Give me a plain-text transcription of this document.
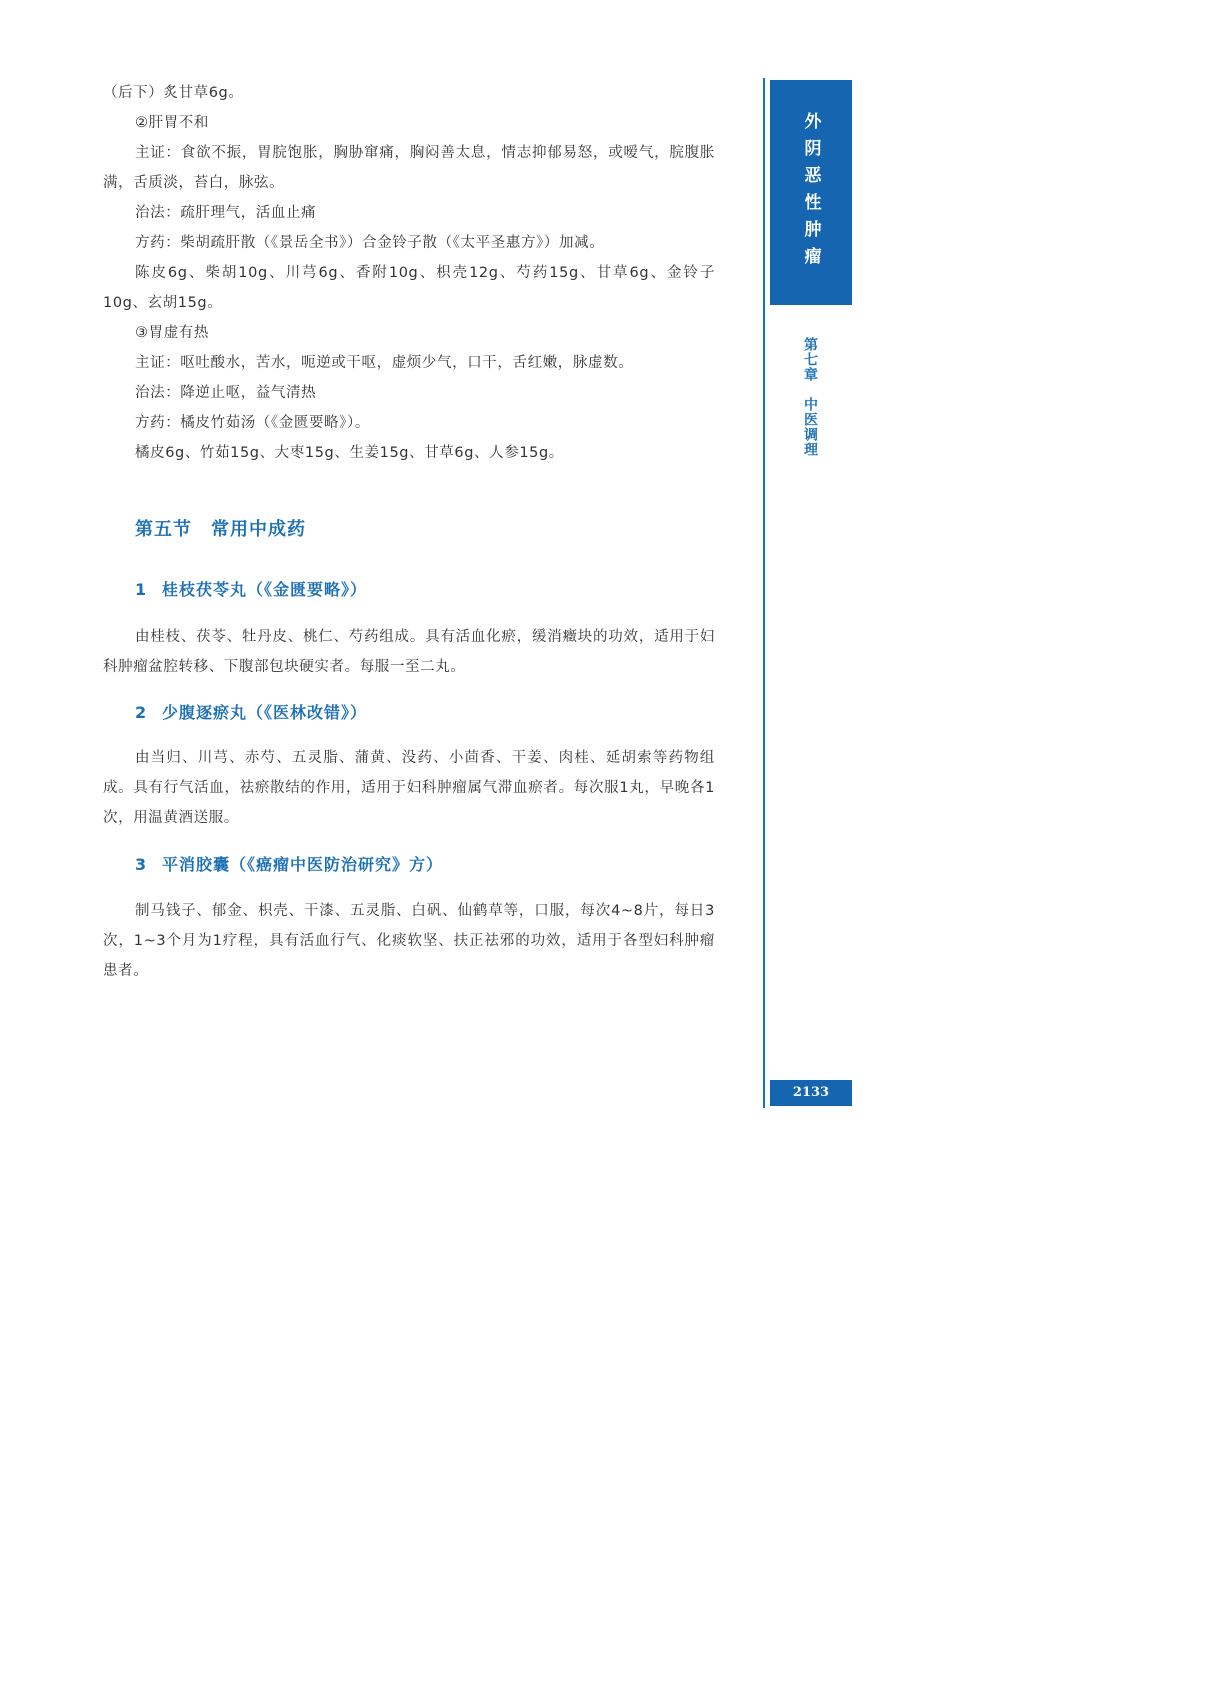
（后下）炙甘草6g。

②肝胃不和

主证：食欲不振，胃脘饱胀，胸胁窜痛，胸闷善太息，情志抑郁易怒，或嗳气，脘腹胀满，舌质淡，苔白，脉弦。

治法：疏肝理气，活血止痛

方药：柴胡疏肝散（《景岳全书》）合金铃子散（《太平圣惠方》）加减。

陈皮6g、柴胡10g、川芎6g、香附10g、枳壳12g、芍药15g、甘草6g、金铃子10g、玄胡15g。

③胃虚有热

主证：呕吐酸水，苦水，呃逆或干呕，虚烦少气，口干，舌红嫩，脉虚数。

治法：降逆止呕，益气清热

方药：橘皮竹茹汤（《金匮要略》）。

橘皮6g、竹茹15g、大枣15g、生姜15g、甘草6g、人参15g。

第五节　常用中成药
1 桂枝茯苓丸（《金匮要略》）

由桂枝、茯苓、牡丹皮、桃仁、芍药组成。具有活血化瘀，缓消癥块的功效，适用于妇科肿瘤盆腔转移、下腹部包块硬实者。每服一至二丸。

2 少腹逐瘀丸（《医林改错》）

由当归、川芎、赤芍、五灵脂、蒲黄、没药、小茴香、干姜、肉桂、延胡索等药物组成。具有行气活血，祛瘀散结的作用，适用于妇科肿瘤属气滞血瘀者。每次服1丸，早晚各1次，用温黄酒送服。

3 平消胶囊（《癌瘤中医防治研究》方）

制马钱子、郁金、枳壳、干漆、五灵脂、白矾、仙鹤草等，口服，每次4~8片，每日3次，1~3个月为1疗程，具有活血行气、化痰软坚、扶正祛邪的功效，适用于各型妇科肿瘤患者。

外阴恶性肿瘤
第七章　中医调理
2133
